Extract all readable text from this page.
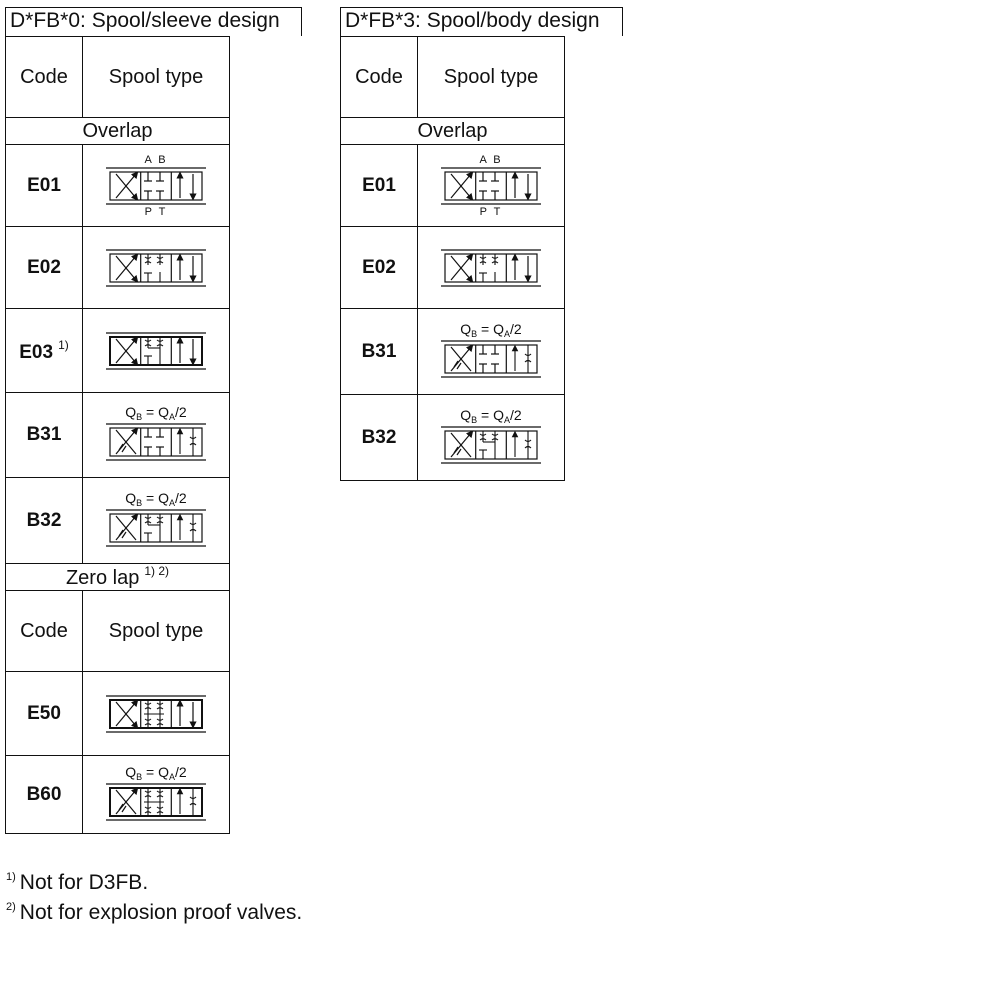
D*FB*0: Spool/sleeve design
Code	Spool type
Overlap	
E01	A B
P T

E02	

E03 $^{1)}$	

B31	$Q_B = Q_A/2$

B32	$Q_B = Q_A/2$

Zero lap $^{1) 2)}$
Code	Spool type
E50	

B60	$Q_B = Q_A/2$
D*FB*3: Spool/body design
Code	Spool type
Overlap	
E01	A B
P T

E02	

B31	$Q_B = Q_A/2$

B32	$Q_B = Q_A/2$
$^{1)}$ Not for D3FB.
$^{2)}$ Not for explosion proof valves.
